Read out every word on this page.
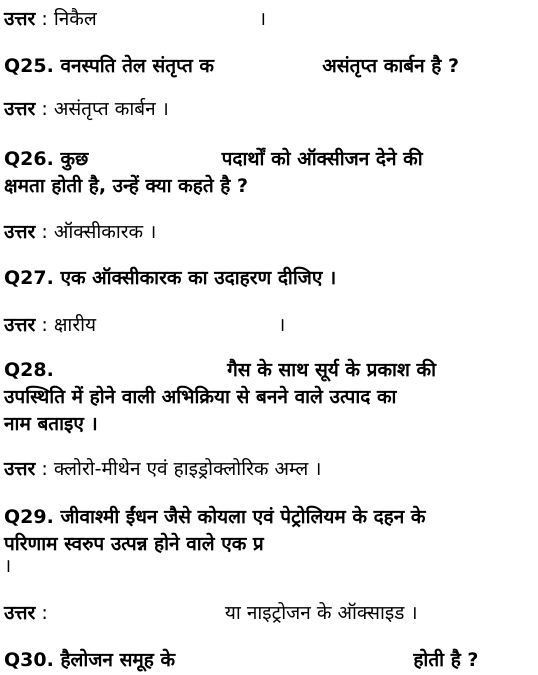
उत्तर : निकैल	।
Q25. वनस्पति तेल संतृप्त क	असंतृप्त कार्बन है ?
उत्तर : असंतृप्त कार्बन ।
Q26. कुछ	पदार्थों को ऑक्सीजन देने की
क्षमता होती है, उन्हें क्या कहते है ?
उत्तर : ऑक्सीकारक ।
Q27. एक ऑक्सीकारक का उदाहरण दीजिए ।
उत्तर : क्षारीय	।
Q28.	गैस के साथ सूर्य के प्रकाश की
उपस्थिति में होने वाली अभिक्रिया से बनने वाले उत्पाद का
नाम बताइए ।
उत्तर : क्लोरो-मीथेन एवं हाइड्रोक्लोरिक अम्ल ।
Q29. जीवाश्मी ईंधन जैसे कोयला एवं पेट्रोलियम के दहन के
परिणाम स्वरुप उत्पन्न होने वाले एक प्र
।
उत्तर :	या नाइट्रोजन के ऑक्साइड ।
Q30. हैलोजन समूह के	होती है ?
